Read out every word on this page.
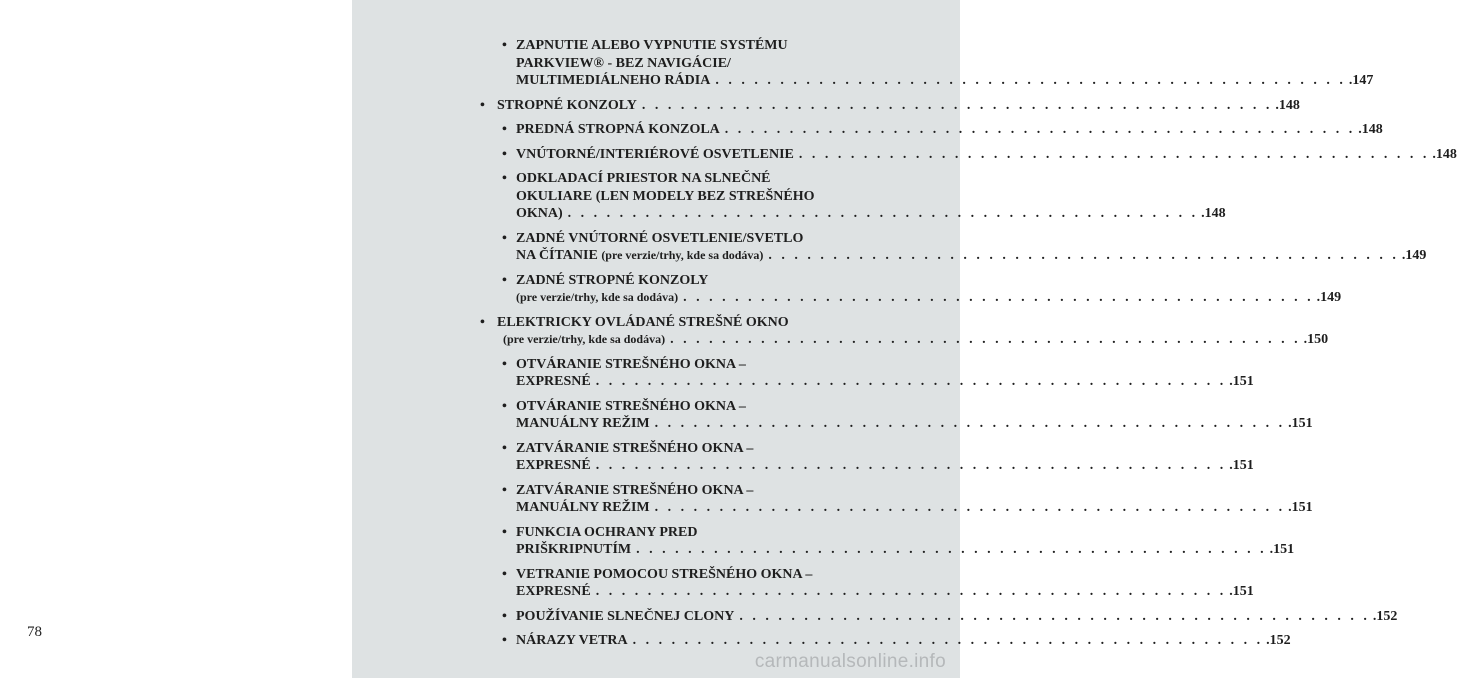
78
• ZAPNUTIE ALEBO VYPNUTIE SYSTÉMU
PARKVIEW® - BEZ NAVIGÁCIE/
MULTIMEDIÁLNEHO RÁDIA . . . . . . . . . . . . . . . . . . . . . . . . . . . . . . . . . . . . . . . . . . . . . . . . . .147
• STROPNÉ KONZOLY . . . . . . . . . . . . . . . . . . . . . . . . . . . . . . . . . . . . . . . . . . . . . . . . . .148
• PREDNÁ STROPNÁ KONZOLA . . . . . . . . . . . . . . . . . . . . . . . . . . . . . . . . . . . . . . . . . . . . . . . . . .148
• VNÚTORNÉ/INTERIÉROVÉ OSVETLENIE . . . . . . . . . . . . . . . . . . . . . . . . . . . . . . . . . . . . . . . . . . . . . . . . . .148
• ODKLADACÍ PRIESTOR NA SLNEČNÉ
OKULIARE (LEN MODELY BEZ STREŠNÉHO
OKNA) . . . . . . . . . . . . . . . . . . . . . . . . . . . . . . . . . . . . . . . . . . . . . . . . . .148
• ZADNÉ VNÚTORNÉ OSVETLENIE/SVETLO
NA ČÍTANIE (pre verzie/trhy, kde sa dodáva) . . . . . . . . . . . . . . . . . . . . . . . . . . . . . . . . . . . . . . . . . . . . . . . . . .149
• ZADNÉ STROPNÉ KONZOLY
(pre verzie/trhy, kde sa dodáva) . . . . . . . . . . . . . . . . . . . . . . . . . . . . . . . . . . . . . . . . . . . . . . . . . .149
• ELEKTRICKY OVLÁDANÉ STREŠNÉ OKNO
(pre verzie/trhy, kde sa dodáva) . . . . . . . . . . . . . . . . . . . . . . . . . . . . . . . . . . . . . . . . . . . . . . . . . .150
• OTVÁRANIE STREŠNÉHO OKNA –
EXPRESNÉ . . . . . . . . . . . . . . . . . . . . . . . . . . . . . . . . . . . . . . . . . . . . . . . . . .151
• OTVÁRANIE STREŠNÉHO OKNA –
MANUÁLNY REŽIM . . . . . . . . . . . . . . . . . . . . . . . . . . . . . . . . . . . . . . . . . . . . . . . . . .151
• ZATVÁRANIE STREŠNÉHO OKNA –
EXPRESNÉ . . . . . . . . . . . . . . . . . . . . . . . . . . . . . . . . . . . . . . . . . . . . . . . . . .151
• ZATVÁRANIE STREŠNÉHO OKNA –
MANUÁLNY REŽIM . . . . . . . . . . . . . . . . . . . . . . . . . . . . . . . . . . . . . . . . . . . . . . . . . .151
• FUNKCIA OCHRANY PRED
PRIŠKRIPNUTÍM . . . . . . . . . . . . . . . . . . . . . . . . . . . . . . . . . . . . . . . . . . . . . . . . . .151
• VETRANIE POMOCOU STREŠNÉHO OKNA –
EXPRESNÉ . . . . . . . . . . . . . . . . . . . . . . . . . . . . . . . . . . . . . . . . . . . . . . . . . .151
• POUŽÍVANIE SLNEČNEJ CLONY . . . . . . . . . . . . . . . . . . . . . . . . . . . . . . . . . . . . . . . . . . . . . . . . . .152
• NÁRAZY VETRA . . . . . . . . . . . . . . . . . . . . . . . . . . . . . . . . . . . . . . . . . . . . . . . . . .152
carmanualsonline.info
